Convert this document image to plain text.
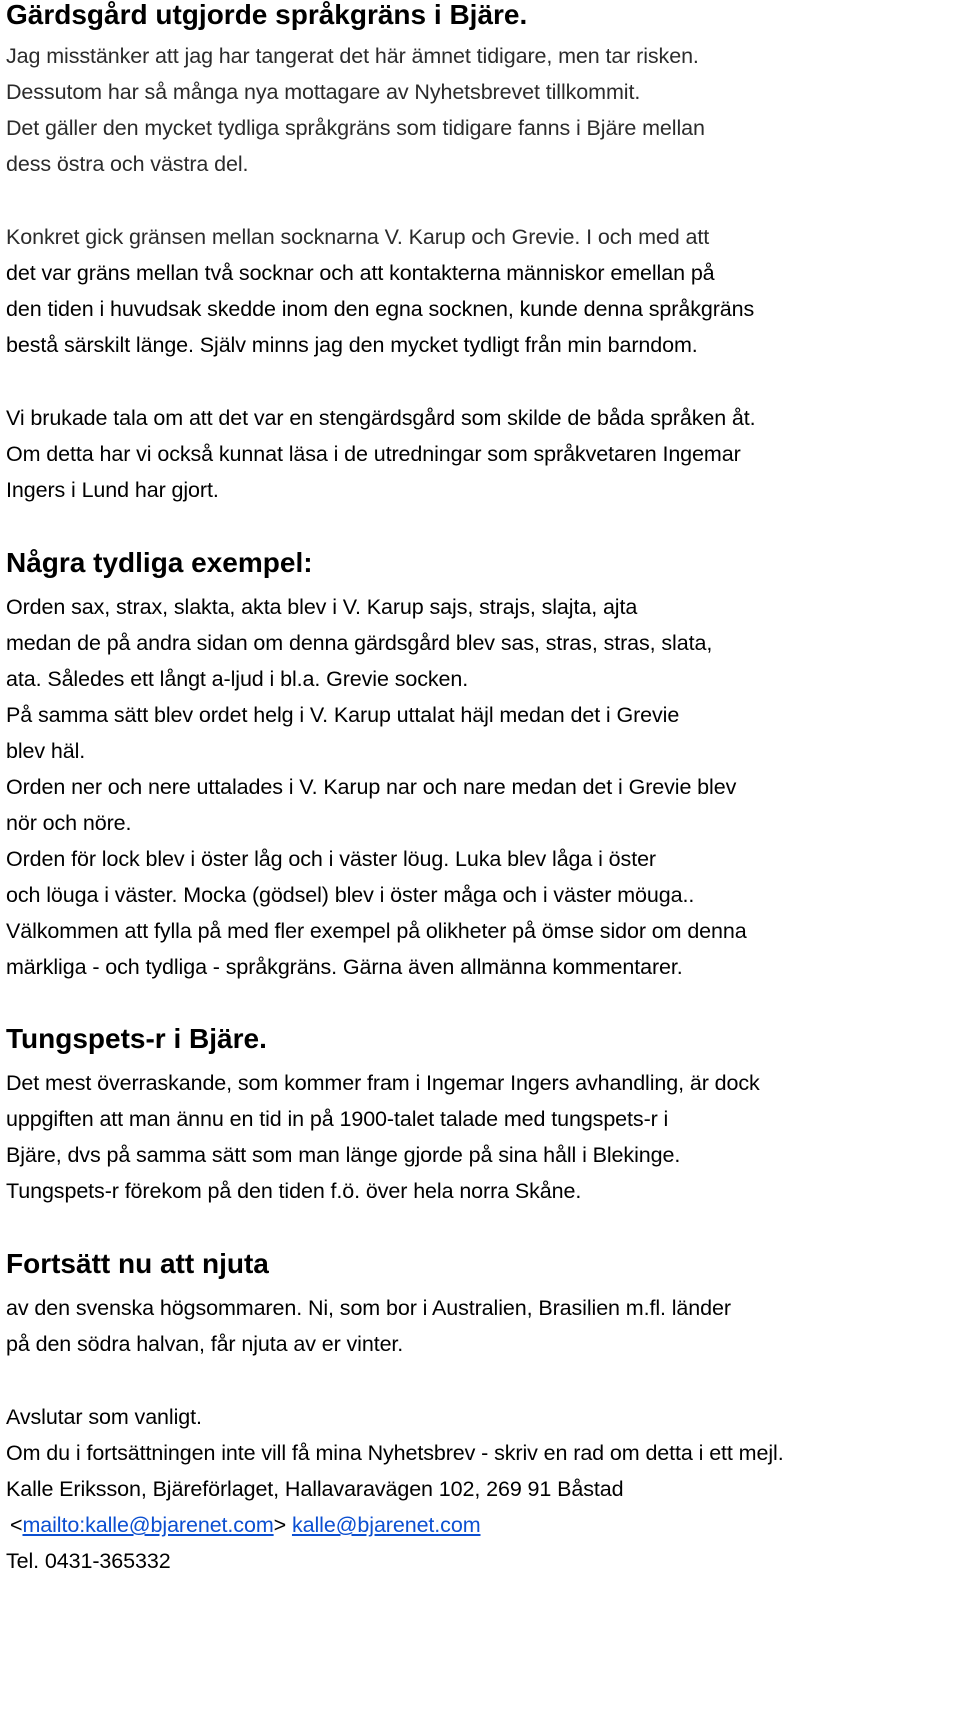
Gärdsgård utgjorde språkgräns i Bjäre.
Jag misstänker att jag har tangerat det här ämnet tidigare, men tar risken.
Dessutom har så många nya mottagare av Nyhetsbrevet tillkommit.
Det gäller den mycket tydliga språkgräns som tidigare fanns i Bjäre mellan
dess östra och västra del.
Konkret gick gränsen mellan socknarna V. Karup och Grevie. I och med att
det var gräns mellan två socknar och att kontakterna människor emellan på
den tiden i huvudsak skedde inom den egna socknen, kunde denna språkgräns
bestå särskilt länge. Själv minns jag den mycket tydligt från min barndom.
Vi brukade tala om att det var en stengärdsgård som skilde de båda språken åt.
Om detta har vi också kunnat läsa i de utredningar som språkvetaren Ingemar
Ingers i Lund har gjort.
Några tydliga exempel:
Orden sax, strax, slakta, akta blev i V. Karup sajs, strajs, slajta, ajta
medan de på andra sidan om denna gärdsgård blev sas, stras, stras, slata,
ata. Således ett långt a-ljud i bl.a. Grevie socken.
På samma sätt blev ordet helg i V. Karup uttalat häjl medan det i Grevie
blev häl.
Orden ner och nere uttalades i V. Karup nar och nare medan det i Grevie blev
nör och nöre.
Orden för lock blev i öster låg och i väster löug. Luka blev låga i öster
och löuga i väster. Mocka (gödsel) blev i öster måga och i väster möuga..
Välkommen att fylla på med fler exempel på olikheter på ömse sidor om denna
märkliga - och tydliga - språkgräns. Gärna även allmänna kommentarer.
Tungspets-r i Bjäre.
Det mest överraskande, som kommer fram i Ingemar Ingers avhandling, är dock
uppgiften att man ännu en tid in på 1900-talet talade med tungspets-r i
Bjäre, dvs på samma sätt som man länge gjorde på sina håll i Blekinge.
Tungspets-r förekom på den tiden f.ö. över hela norra Skåne.
Fortsätt nu att njuta
av den svenska högsommaren. Ni, som bor i Australien, Brasilien m.fl. länder
på den södra halvan, får njuta av er vinter.
Avslutar som vanligt.
Om du i fortsättningen inte vill få mina Nyhetsbrev - skriv en rad om detta i ett mejl.
Kalle Eriksson, Bjäreförlaget, Hallavaravägen 102, 269 91 Båstad
<mailto:kalle@bjarenet.com> kalle@bjarenet.com
Tel. 0431-365332
